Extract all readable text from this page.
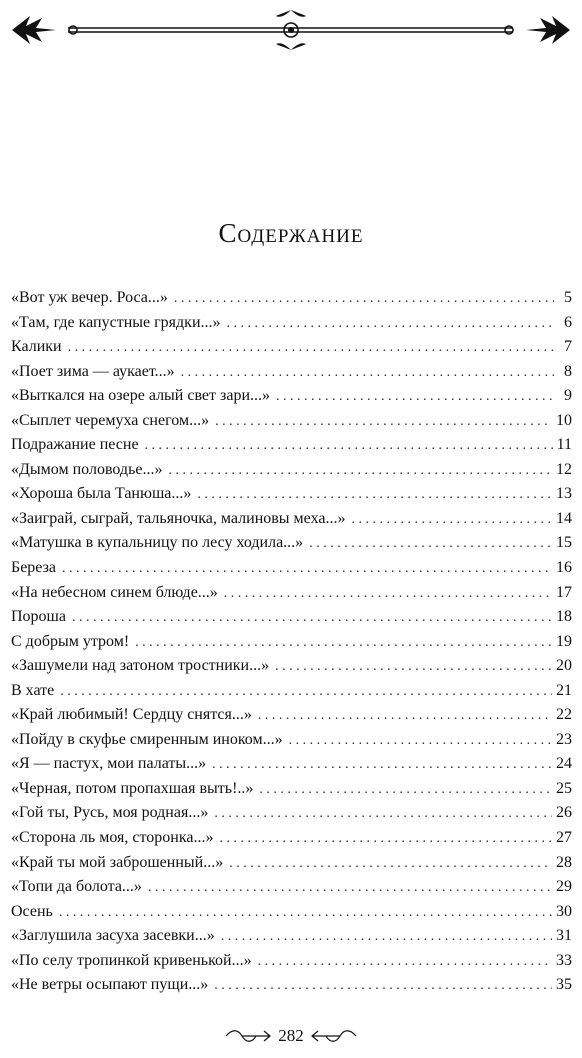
Содержание
«Вот уж вечер. Роса...» . . .	5
«Там, где капустные грядки...» . . .	6
Калики . . .	7
«Поет зима — аукает...» . . .	8
«Выткался на озере алый свет зари...» . . .	9
«Сыплет черемуха снегом...» . . .	10
Подражание песне . . .	11
«Дымом половодье...» . . .	12
«Хороша была Танюша...» . . .	13
«Заиграй, сыграй, тальяночка, малиновы меха...» . . .	14
«Матушка в купальницу по лесу ходила...» . . .	15
Береза . . .	16
«На небесном синем блюде...» . . .	17
Пороша . . .	18
С добрым утром! . . .	19
«Зашумели над затоном тростники...» . . .	20
В хате . . .	21
«Край любимый! Сердцу снятся...» . . .	22
«Пойду в скуфье смиренным иноком...» . . .	23
«Я — пастух, мои палаты...» . . .	24
«Черная, потом пропахшая выть!..» . . .	25
«Гой ты, Русь, моя родная...» . . .	26
«Сторона ль моя, сторонка...» . . .	27
«Край ты мой заброшенный...» . . .	28
«Топи да болота...» . . .	29
Осень . . .	30
«Заглушила засуха засевки...» . . .	31
«По селу тропинкой кривенькой...» . . .	33
«Не ветры осыпают пущи...» . . .	35
282
